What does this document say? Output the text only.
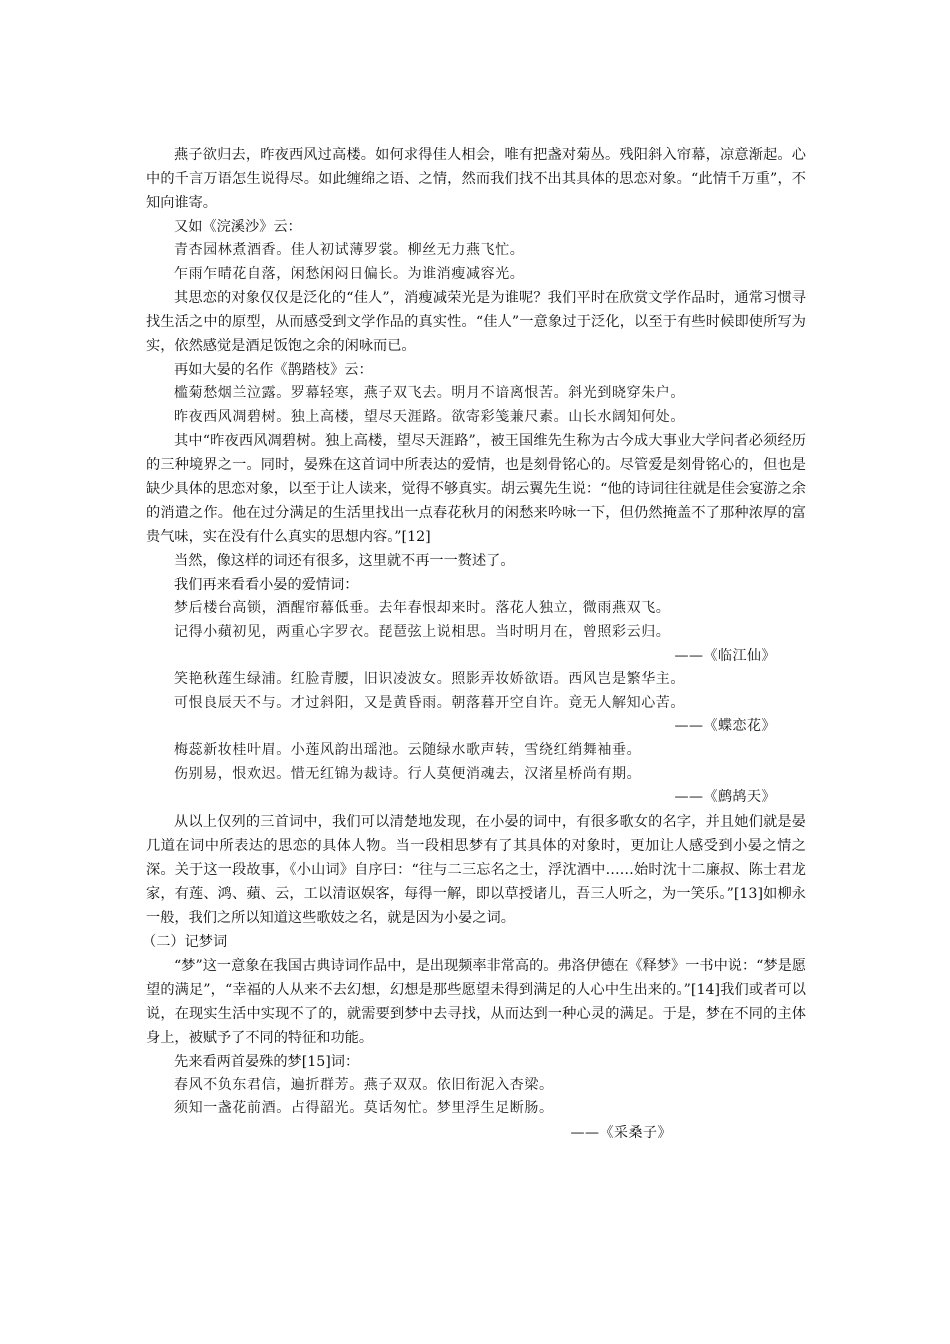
燕子欲归去，昨夜西风过高楼。如何求得佳人相会，唯有把盏对菊丛。残阳斜入帘幕，凉意渐起。心中的千言万语怎生说得尽。如此缠绵之语、之情，然而我们找不出其具体的思恋对象。“此情千万重”，不知向谁寄。

又如《浣溪沙》云：

青杏园林煮酒香。佳人初试薄罗裳。柳丝无力燕飞忙。

乍雨乍晴花自落，闲愁闲闷日偏长。为谁消瘦减容光。

其思恋的对象仅仅是泛化的“佳人”，消瘦减荣光是为谁呢？我们平时在欣赏文学作品时，通常习惯寻找生活之中的原型，从而感受到文学作品的真实性。“佳人”一意象过于泛化，以至于有些时候即使所写为实，依然感觉是酒足饭饱之余的闲咏而已。

再如大晏的名作《鹊踏枝》云：

槛菊愁烟兰泣露。罗幕轻寒，燕子双飞去。明月不谙离恨苦。斜光到晓穿朱户。

昨夜西风凋碧树。独上高楼，望尽天涯路。欲寄彩笺兼尺素。山长水阔知何处。

其中“昨夜西风凋碧树。独上高楼，望尽天涯路”，被王国维先生称为古今成大事业大学问者必须经历的三种境界之一。同时，晏殊在这首词中所表达的爱情，也是刻骨铭心的。尽管爱是刻骨铭心的，但也是缺少具体的思恋对象，以至于让人读来，觉得不够真实。胡云翼先生说：“他的诗词往往就是佳会宴游之余的消遣之作。他在过分满足的生活里找出一点春花秋月的闲愁来吟咏一下，但仍然掩盖不了那种浓厚的富贵气味，实在没有什么真实的思想内容。”[12]

当然，像这样的词还有很多，这里就不再一一赘述了。

我们再来看看小晏的爱情词：

梦后楼台高锁，酒醒帘幕低垂。去年春恨却来时。落花人独立，微雨燕双飞。

记得小蘋初见，两重心字罗衣。琵琶弦上说相思。当时明月在，曾照彩云归。

——《临江仙》

笑艳秋莲生绿浦。红脸青腰，旧识凌波女。照影弄妆娇欲语。西风岂是繁华主。

可恨良辰天不与。才过斜阳，又是黄昏雨。朝落暮开空自许。竟无人解知心苦。

——《蝶恋花》

梅蕊新妆桂叶眉。小莲风韵出瑶池。云随绿水歌声转，雪绕红绡舞袖垂。

伤别易，恨欢迟。惜无红锦为裁诗。行人莫便消魂去，汉渚星桥尚有期。

——《鹧鸪天》

从以上仅列的三首词中，我们可以清楚地发现，在小晏的词中，有很多歌女的名字，并且她们就是晏几道在词中所表达的思恋的具体人物。当一段相思梦有了其具体的对象时，更加让人感受到小晏之情之深。关于这一段故事，《小山词》自序曰：“往与二三忘名之士，浮沈酒中……始时沈十二廉叔、陈士君龙家，有莲、鸿、蘋、云，工以清讴娱客，每得一解，即以草授诸儿，吾三人听之，为一笑乐。”[13]如柳永一般，我们之所以知道这些歌妓之名，就是因为小晏之词。

（二）记梦词

“梦”这一意象在我国古典诗词作品中，是出现频率非常高的。弗洛伊德在《释梦》一书中说：“梦是愿望的满足”，“幸福的人从来不去幻想，幻想是那些愿望未得到满足的人心中生出来的。”[14]我们或者可以说，在现实生活中实现不了的，就需要到梦中去寻找，从而达到一种心灵的满足。于是，梦在不同的主体身上，被赋予了不同的特征和功能。

先来看两首晏殊的梦[15]词：

春风不负东君信，遍折群芳。燕子双双。依旧衔泥入杏梁。

须知一盏花前酒。占得韶光。莫话匆忙。梦里浮生足断肠。

——《采桑子》
